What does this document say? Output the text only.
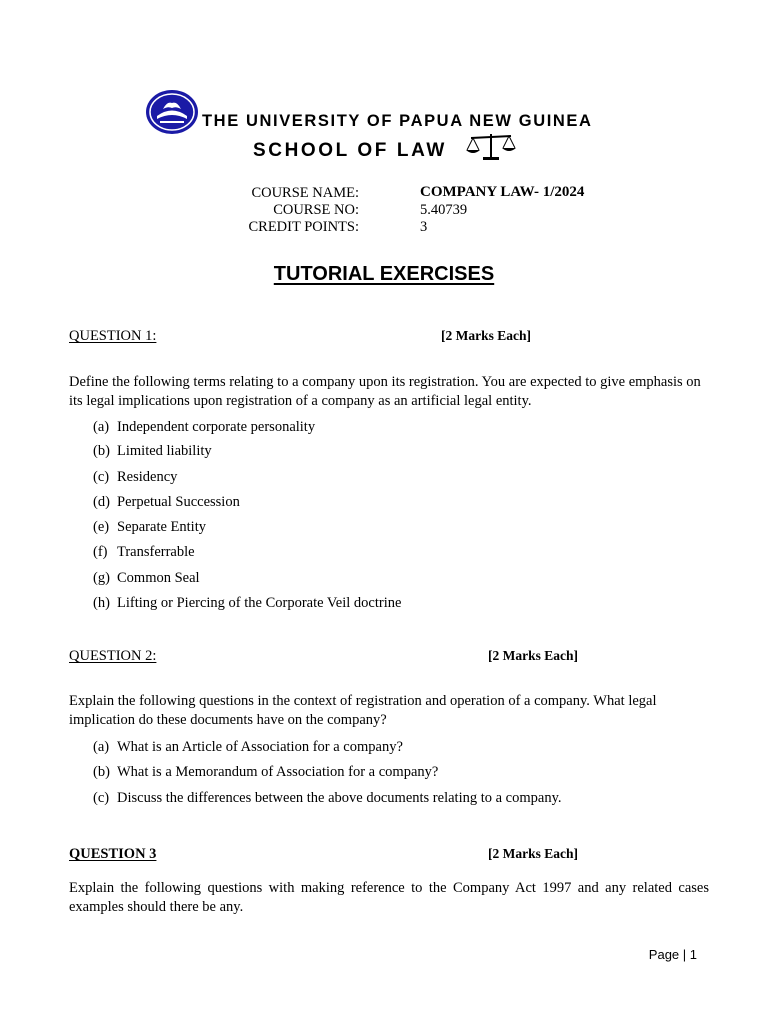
THE UNIVERSITY OF PAPUA NEW GUINEA
SCHOOL OF LAW
COURSE NAME:	COMPANY LAW- 1/2024
COURSE NO:	5.40739
CREDIT POINTS:	3
TUTORIAL EXERCISES
QUESTION 1:	[2 Marks Each]
Define the following terms relating to a company upon its registration. You are expected to give emphasis on its legal implications upon registration of a company as an artificial legal entity.
(a) Independent corporate personality
(b) Limited liability
(c) Residency
(d) Perpetual Succession
(e) Separate Entity
(f) Transferrable
(g) Common Seal
(h) Lifting or Piercing of the Corporate Veil doctrine
QUESTION 2:	[2 Marks Each]
Explain the following questions in the context of registration and operation of a company. What legal implication do these documents have on the company?
(a) What is an Article of Association for a company?
(b) What is a Memorandum of Association for a company?
(c) Discuss the differences between the above documents relating to a company.
QUESTION 3	[2 Marks Each]
Explain the following questions with making reference to the Company Act 1997 and any related cases examples should there be any.
Page | 1
